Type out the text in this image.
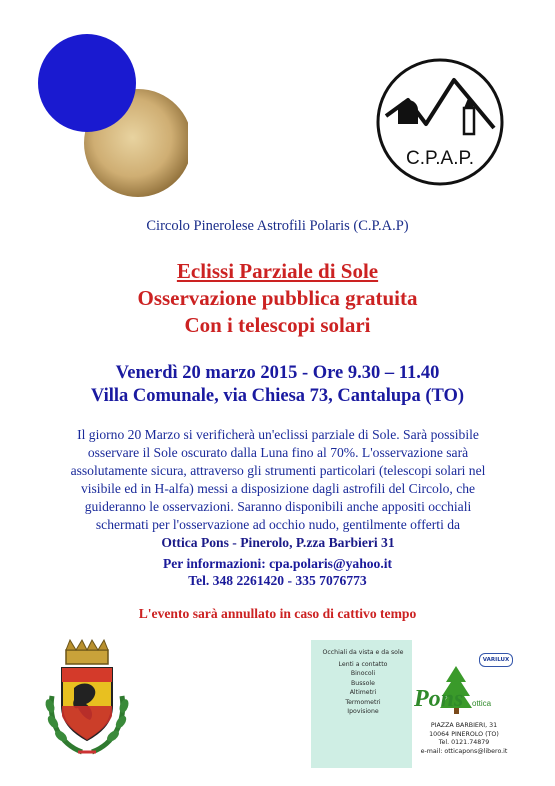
C.P.A.P.
Circolo Pinerolese Astrofili Polaris (C.P.A.P)
Eclissi Parziale di Sole
Osservazione pubblica gratuita
Con i telescopi solari
Venerdì 20 marzo 2015 - Ore 9.30 – 11.40
Villa Comunale, via Chiesa 73, Cantalupa (TO)
Il giorno 20 Marzo si verificherà un'eclissi parziale di Sole. Sarà possibile osservare il Sole oscurato dalla Luna fino al 70%. L'osservazione sarà assolutamente sicura, attraverso gli strumenti particolari (telescopi solari nel visibile ed in H-alfa) messi a disposizione dagli astrofili del Circolo, che guideranno le osservazioni. Saranno disponibili anche appositi occhiali schermati per l'osservazione ad occhio nudo, gentilmente offerti da
Ottica Pons - Pinerolo, P.zza Barbieri 31
Per informazioni: cpa.polaris@yahoo.it
Tel. 348 2261420 - 335 7076773
L'evento sarà annullato in caso di cattivo tempo
Occhiali da vista e da sole
Lenti a contatto
Binocoli
Bussole
Altimetri
Termometri
Ipovisione
VARILUX
Pons ottica
PIAZZA BARBIERI, 31
10064 PINEROLO (TO)
Tel. 0121.74879
e-mail: otticapons@libero.it
